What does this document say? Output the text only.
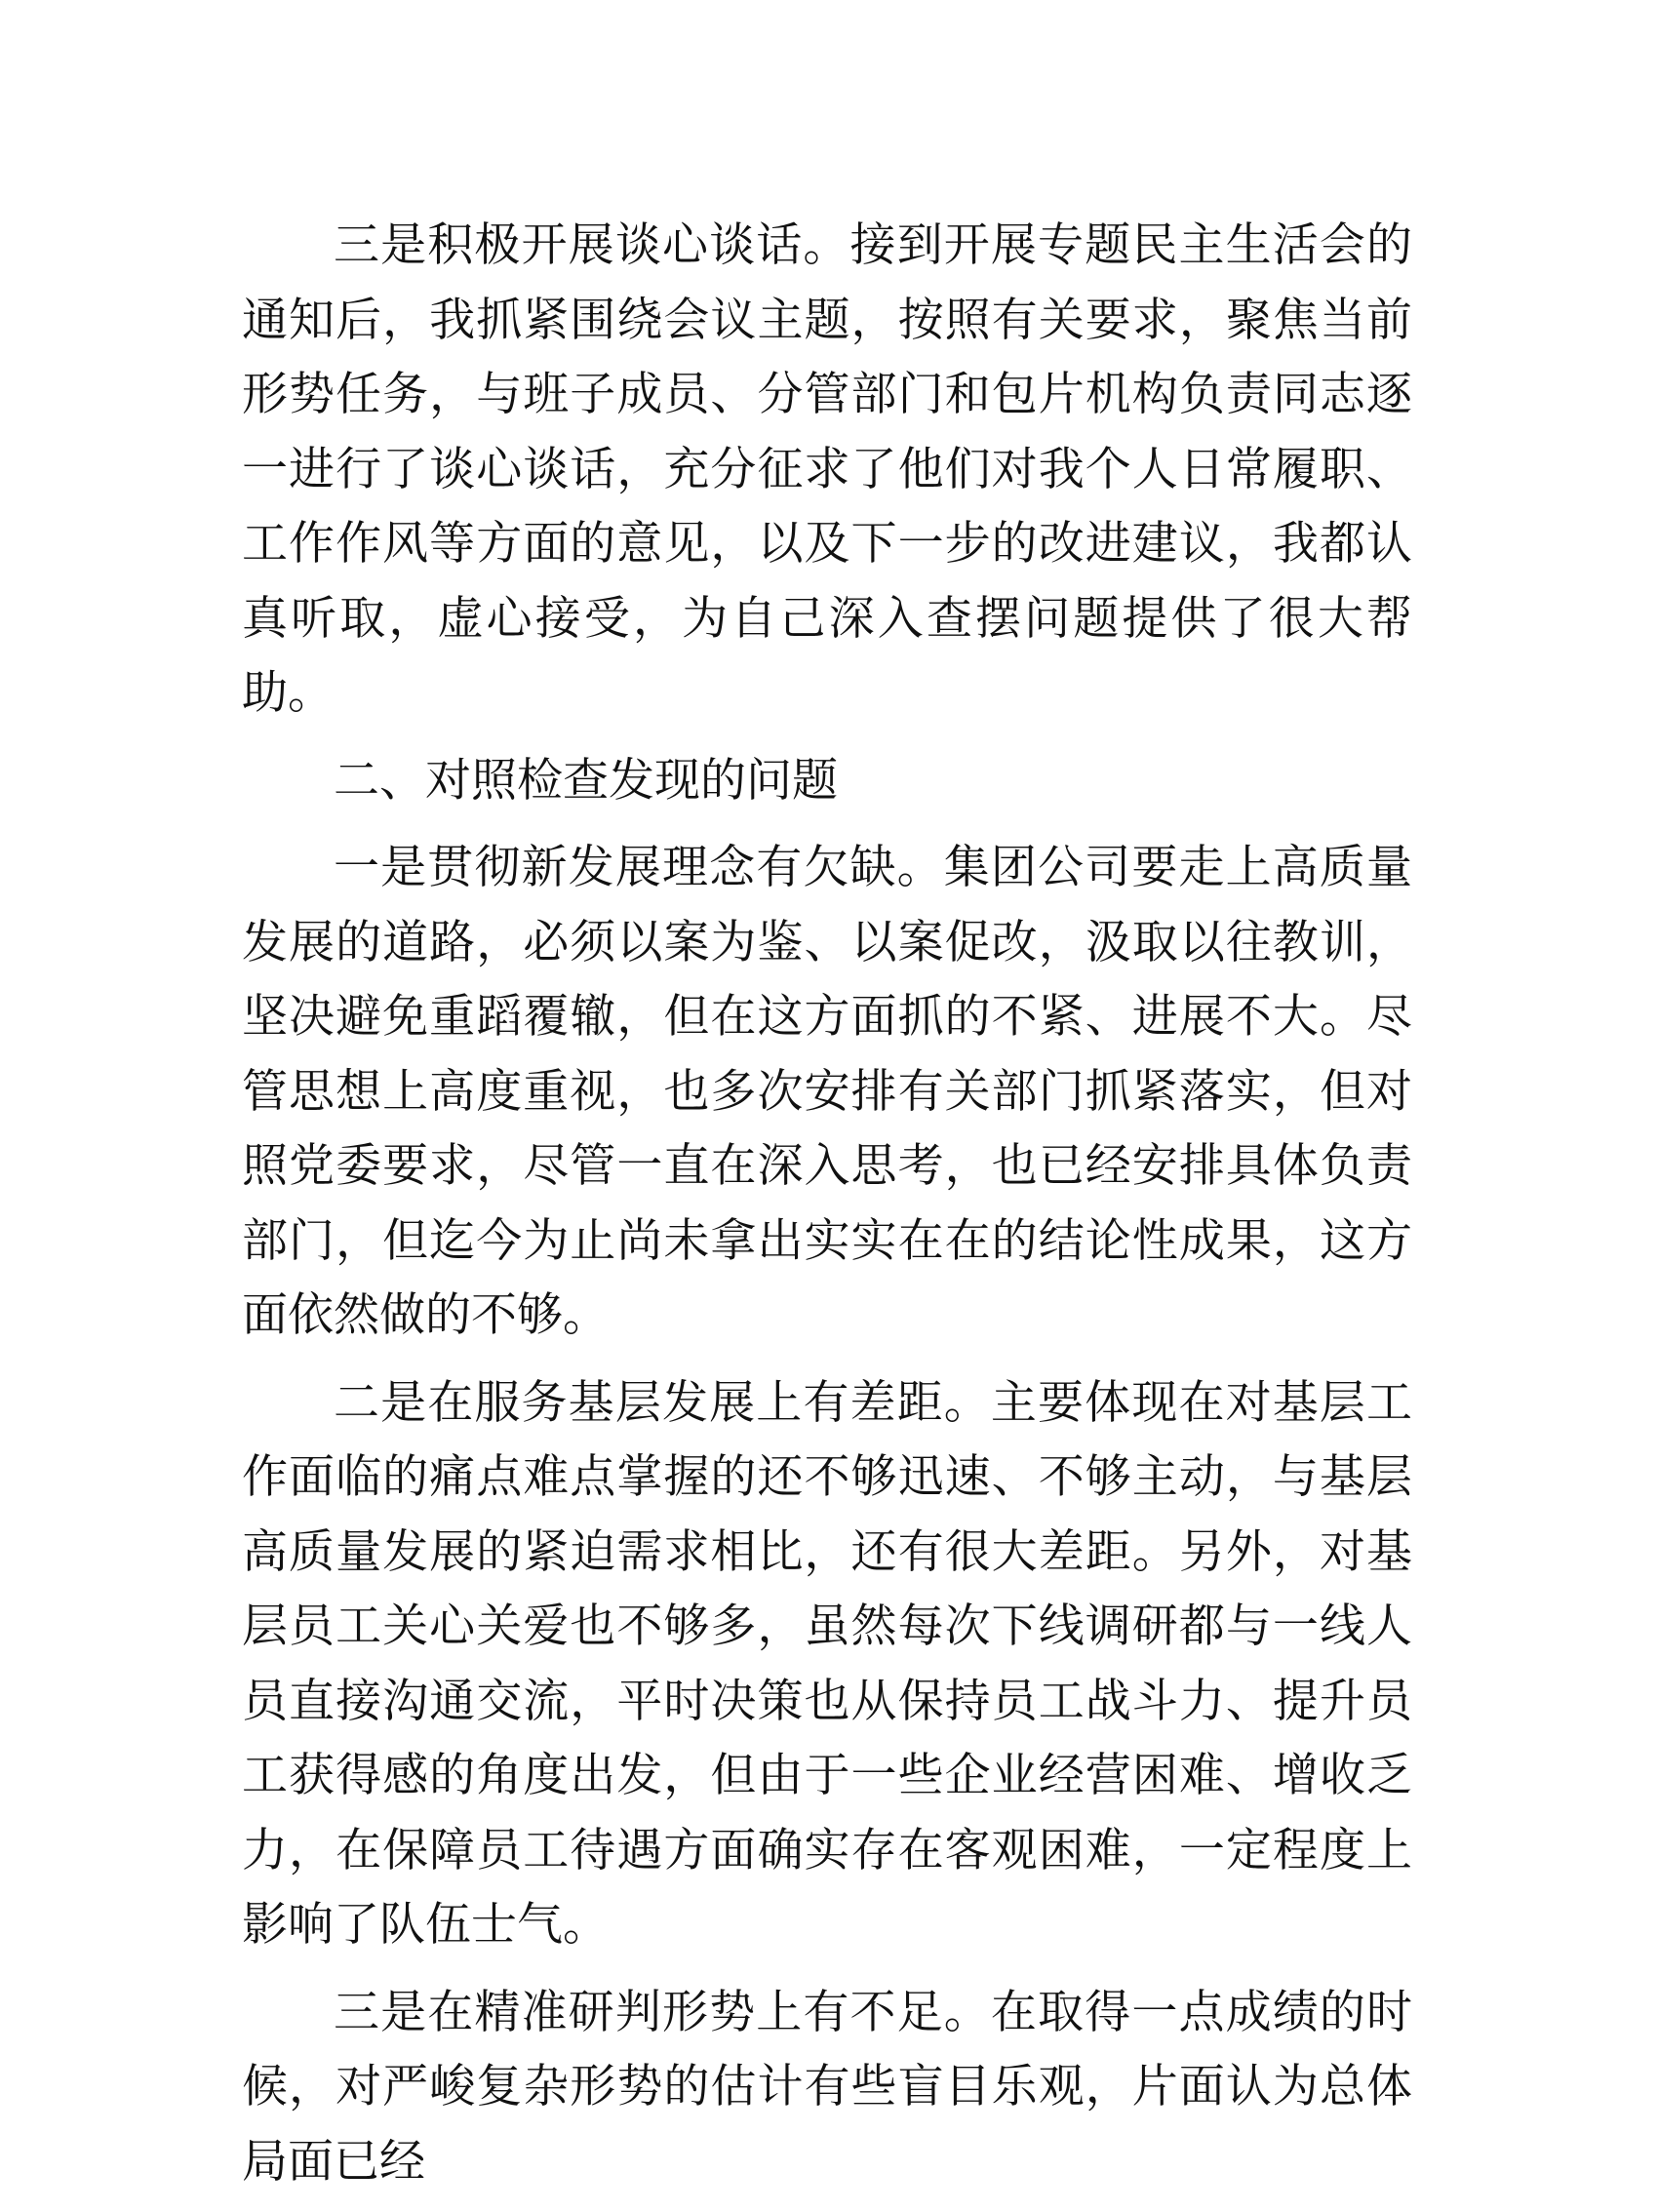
三是积极开展谈心谈话。接到开展专题民主生活会的通知后，我抓紧围绕会议主题，按照有关要求，聚焦当前形势任务，与班子成员、分管部门和包片机构负责同志逐一进行了谈心谈话，充分征求了他们对我个人日常履职、工作作风等方面的意见，以及下一步的改进建议，我都认真听取，虚心接受，为自己深入查摆问题提供了很大帮助。

二、对照检查发现的问题

一是贯彻新发展理念有欠缺。集团公司要走上高质量发展的道路，必须以案为鉴、以案促改，汲取以往教训，坚决避免重蹈覆辙，但在这方面抓的不紧、进展不大。尽管思想上高度重视，也多次安排有关部门抓紧落实，但对照党委要求，尽管一直在深入思考，也已经安排具体负责部门，但迄今为止尚未拿出实实在在的结论性成果，这方面依然做的不够。

二是在服务基层发展上有差距。主要体现在对基层工作面临的痛点难点掌握的还不够迅速、不够主动，与基层高质量发展的紧迫需求相比，还有很大差距。另外，对基层员工关心关爱也不够多，虽然每次下线调研都与一线人员直接沟通交流，平时决策也从保持员工战斗力、提升员工获得感的角度出发，但由于一些企业经营困难、增收乏力，在保障员工待遇方面确实存在客观困难，一定程度上影响了队伍士气。

三是在精准研判形势上有不足。在取得一点成绩的时候，对严峻复杂形势的估计有些盲目乐观，片面认为总体局面已经
